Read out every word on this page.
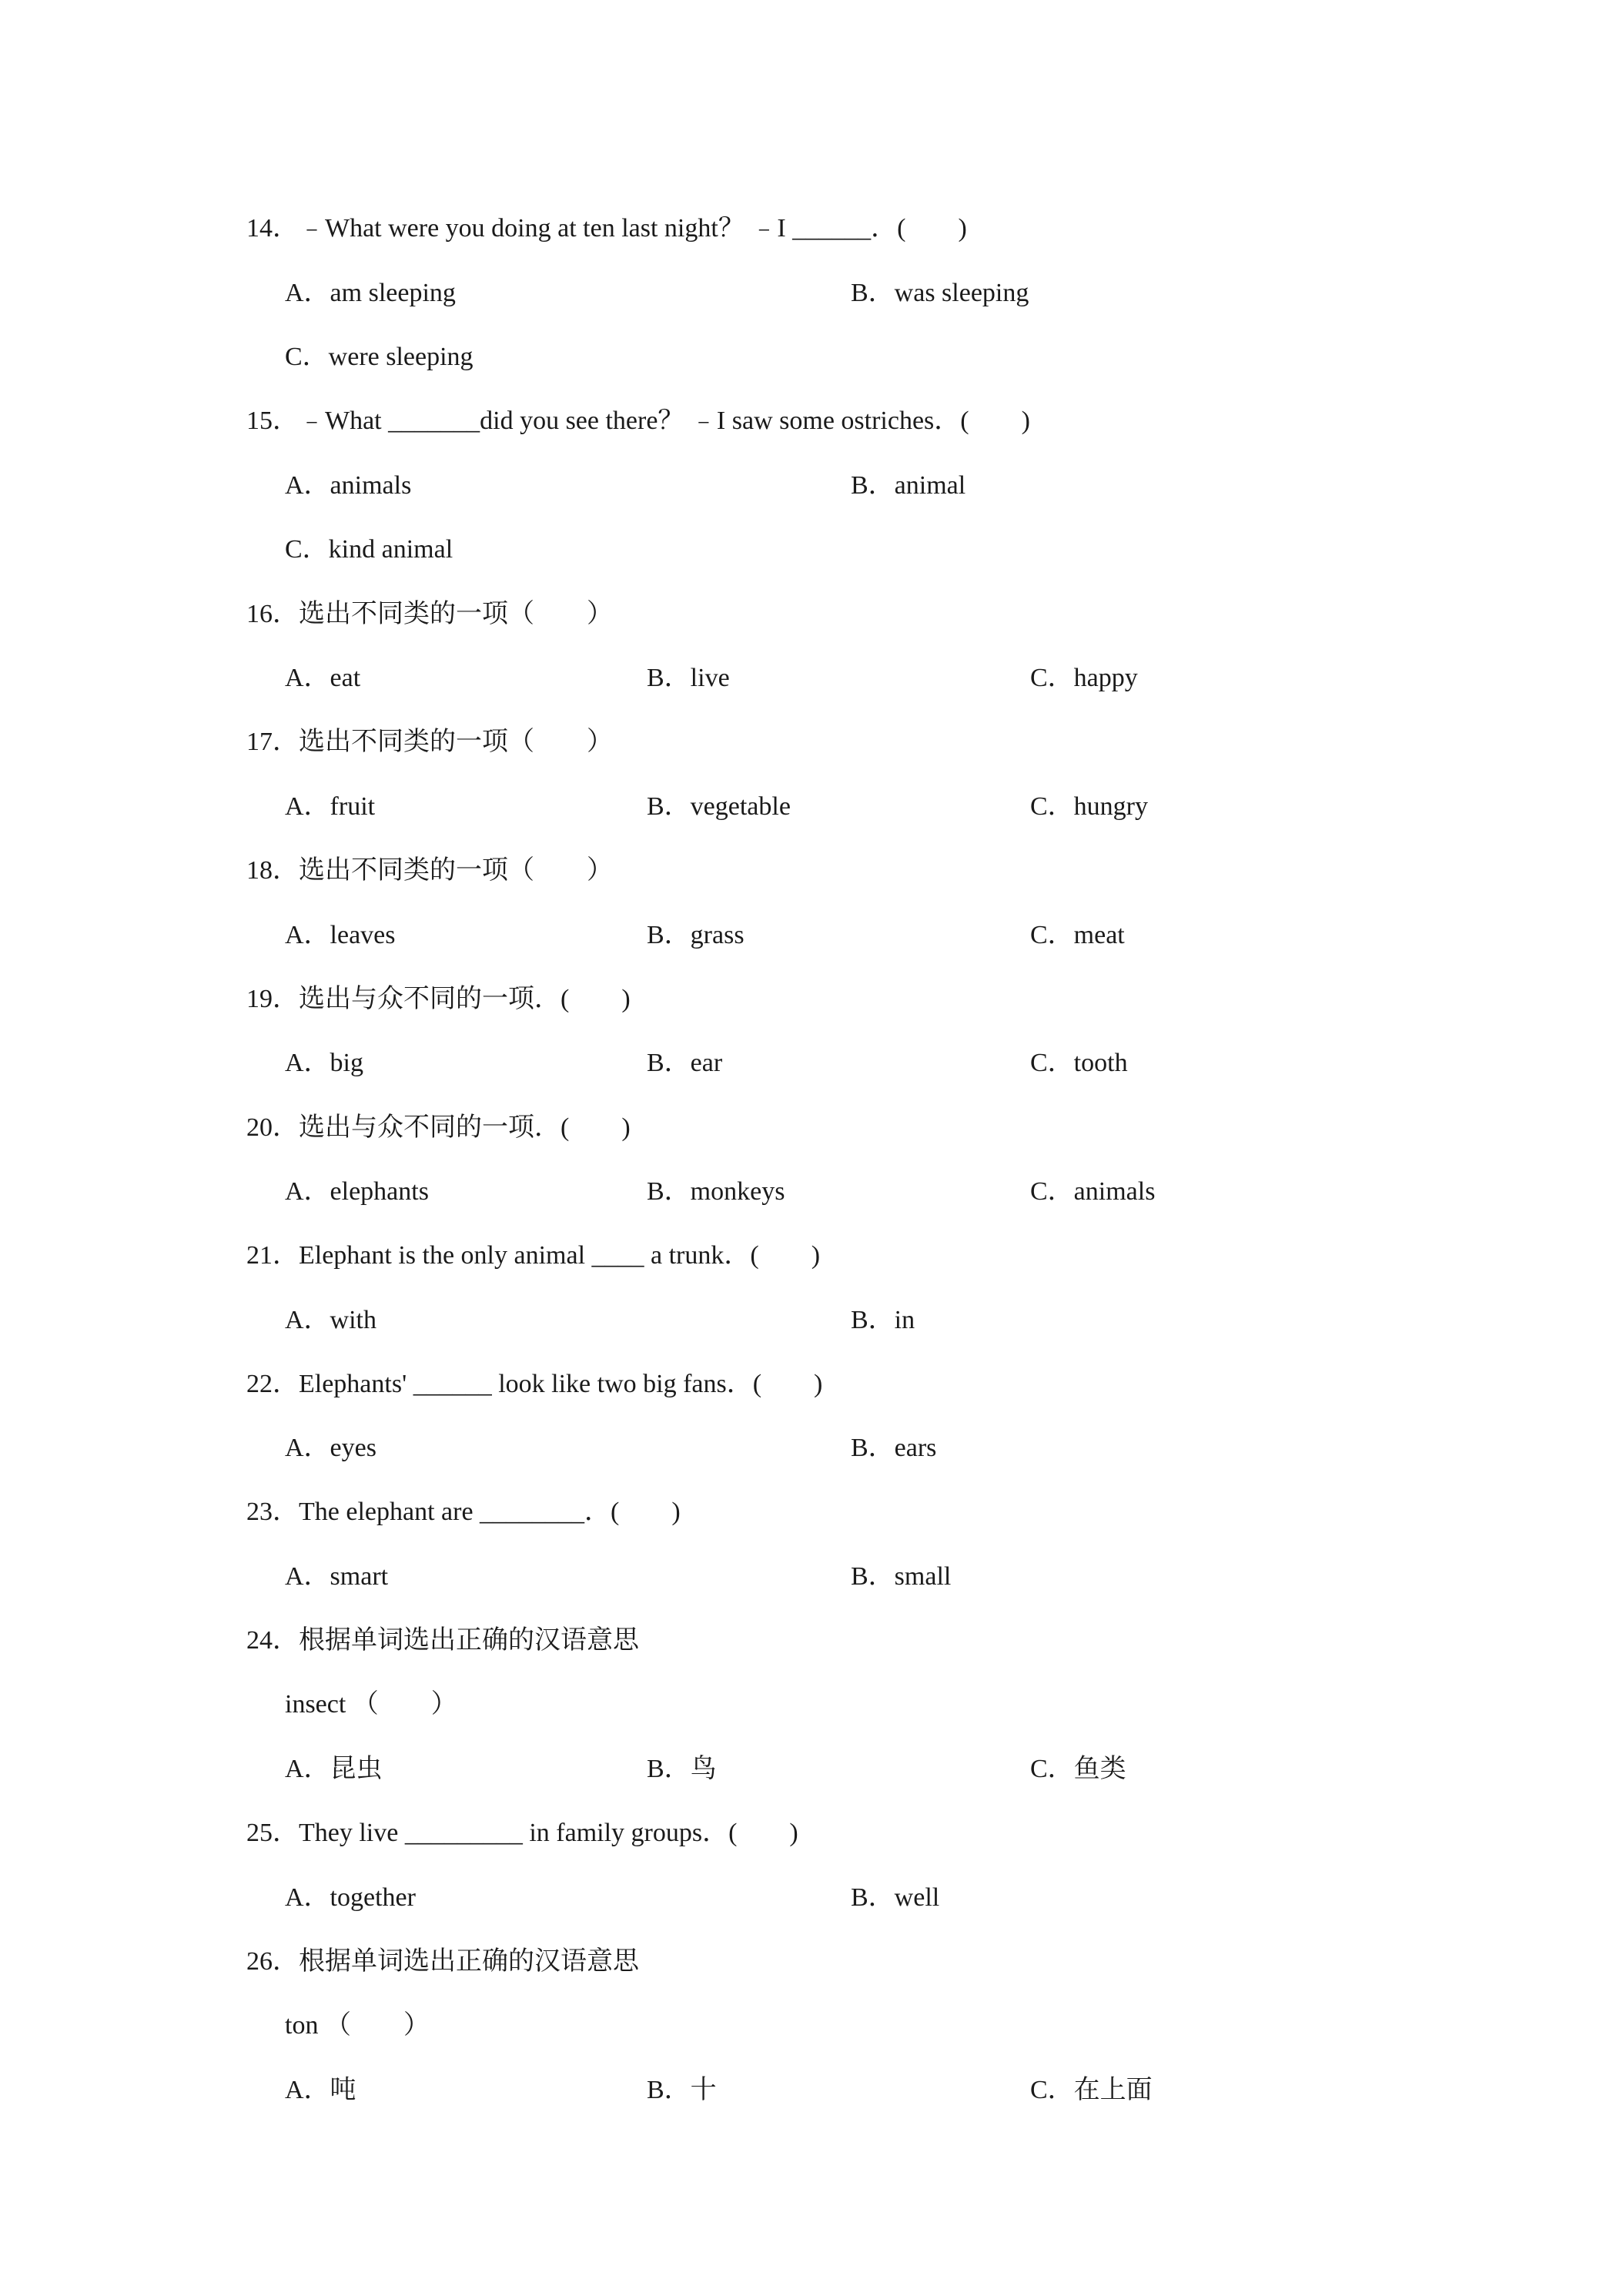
14．﹣What were you doing at ten last night？ ﹣I ______．(　　)
A．am sleeping	B．was sleeping
C．were sleeping
15．﹣What _______did you see there？ ﹣I saw some ostriches．(　　)
A．animals	B．animal
C．kind animal
16．选出不同类的一项（　　）
A．eat	B．live	C．happy
17．选出不同类的一项（　　）
A．fruit	B．vegetable	C．hungry
18．选出不同类的一项（　　）
A．leaves	B．grass	C．meat
19．选出与众不同的一项．(　　)
A．big	B．ear	C．tooth
20．选出与众不同的一项．(　　)
A．elephants	B．monkeys	C．animals
21．Elephant is the only animal ____ a trunk．(　　)
A．with	B．in
22．Elephants' ______ look like two big fans．(　　)
A．eyes	B．ears
23．The elephant are ________．(　　)
A．smart	B．small
24．根据单词选出正确的汉语意思
insect （　　）
A．昆虫	B．鸟	C．鱼类
25．They live _________ in family groups．(　　)
A．together	B．well
26．根据单词选出正确的汉语意思
ton （　　）
A．吨	B．十	C．在上面
